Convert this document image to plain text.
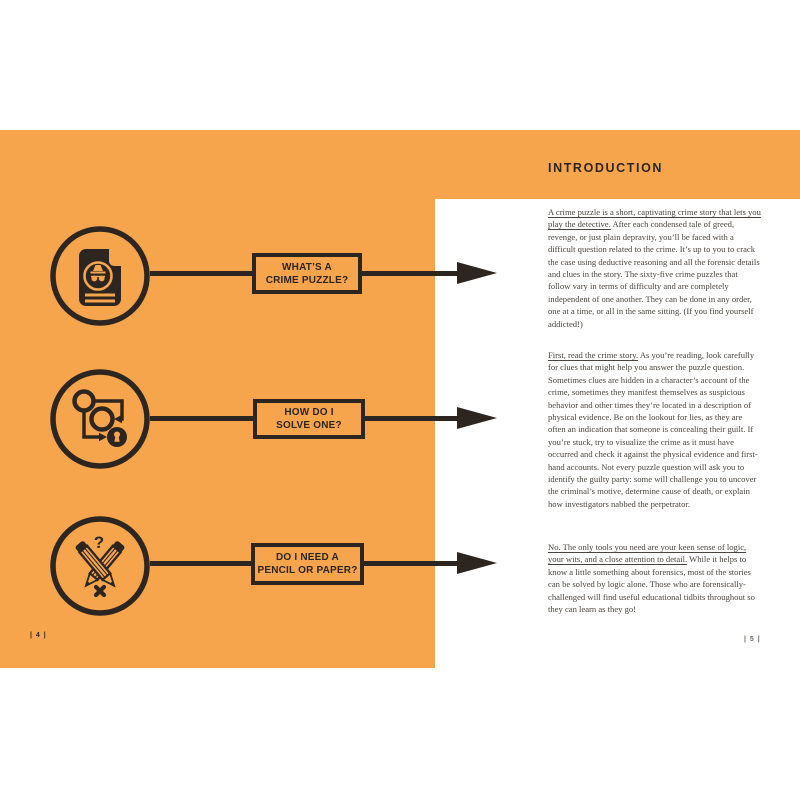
INTRODUCTION
?
WHAT’S A
CRIME PUZZLE?
HOW DO I
SOLVE ONE?
DO I NEED A
PENCIL OR PAPER?

A crime puzzle is a short, captivating crime story that lets you play the detective. After each condensed tale of greed, revenge, or just plain depravity, you’ll be faced with a difficult question related to the crime. It’s up to you to crack the case using deductive reasoning and all the forensic details and clues in the story. The sixty-five crime puzzles that follow vary in terms of difficulty and are completely independent of one another. They can be done in any order, one at a time, or all in the same sitting. (If you find yourself addicted!)

First, read the crime story. As you’re reading, look carefully for clues that might help you answer the puzzle question. Sometimes clues are hidden in a character’s account of the crime, sometimes they manifest themselves as suspicious behavior and other times they’re located in a description of physical evidence. Be on the lookout for lies, as they are often an indication that someone is concealing their guilt. If you’re stuck, try to visualize the crime as it must have occurred and check it against the physical evidence and first-hand accounts. Not every puzzle question will ask you to identify the guilty party: some will challenge you to uncover the criminal’s motive, determine cause of death, or explain how investigators nabbed the perpetrator.

No. The only tools you need are your keen sense of logic, your wits, and a close attention to detail. While it helps to know a little something about forensics, most of the stories can be solved by logic alone. Those who are forensically-challenged will find useful educational tidbits throughout so they can learn as they go!

| 4 |
| 5 |
